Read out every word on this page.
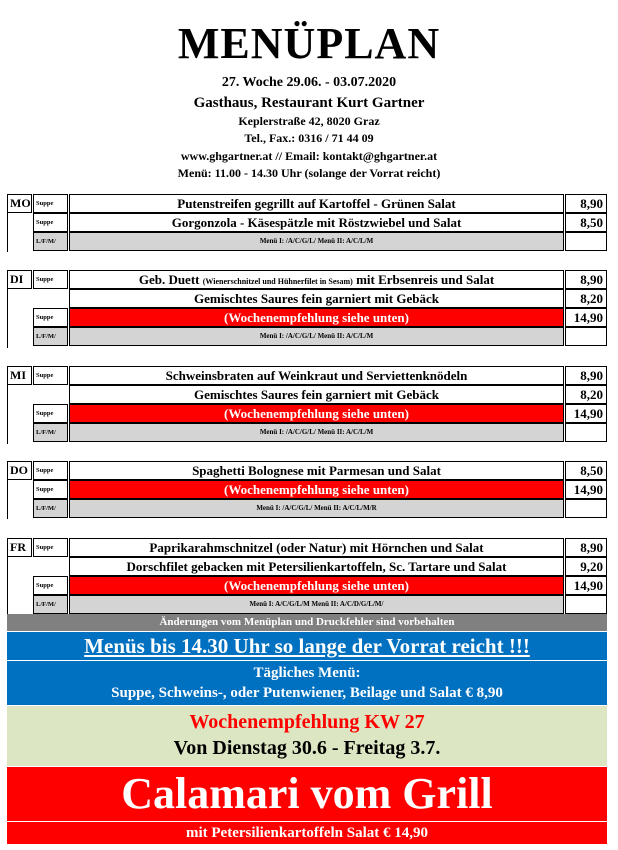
MENÜPLAN
27. Woche 29.06. - 03.07.2020
Gasthaus, Restaurant Kurt Gartner
Keplerstraße 42, 8020 Graz
Tel., Fax.: 0316 / 71 44 09
www.ghgartner.at // Email: kontakt@ghgartner.at
Menü: 11.00 - 14.30 Uhr (solange der Vorrat reicht)
MO Suppe	Putenstreifen gegrillt auf Kartoffel - Grünen Salat	8,90
Suppe	Gorgonzola - Käsespätzle mit Röstzwiebel und Salat	8,50
L/F/M/	Menü I: /A/C/G/L/ Menü II: A/C/L/M
DI	Suppe	Geb. Duett (Wienerschnitzel und Hühnerfilet in Sesam) mit Erbsenreis und Salat	8,90
Gemischtes Saures fein garniert mit Gebäck	8,20
Suppe	(Wochenempfehlung siehe unten)	14,90
L/F/M/	Menü I: /A/C/G/L/ Menü II: A/C/L/M
MI	Suppe	Schweinsbraten auf Weinkraut und Serviettenknödeln	8,90
Gemischtes Saures fein garniert mit Gebäck	8,20
Suppe	(Wochenempfehlung siehe unten)	14,90
L/F/M/	Menü I: /A/C/G/L/ Menü II: A/C/L/M
DO	Suppe	Spaghetti Bolognese mit Parmesan und Salat	8,50
Suppe	(Wochenempfehlung siehe unten)	14,90
L/F/M/	Menü I: /A/C/G/L/ Menü II: A/C/L/M/R
FR	Suppe	Paprikarahmschnitzel (oder Natur) mit Hörnchen und Salat	8,90
Dorschfilet gebacken mit Petersilienkartoffeln, Sc. Tartare und Salat	9,20
Suppe	(Wochenempfehlung siehe unten)	14,90
L/F/M/	Menü I: A/C/G/L/M Menü II: A/C/D/G/L/M/
Änderungen vom Menüplan und Druckfehler sind vorbehalten
Menüs bis 14.30 Uhr so lange der Vorrat reicht !!!
Tägliches Menü:
Suppe, Schweins-, oder Putenwiener, Beilage und Salat € 8,90
Wochenempfehlung KW 27
Von Dienstag 30.6 - Freitag 3.7.
Calamari vom Grill
mit Petersilienkartoffeln Salat € 14,90
